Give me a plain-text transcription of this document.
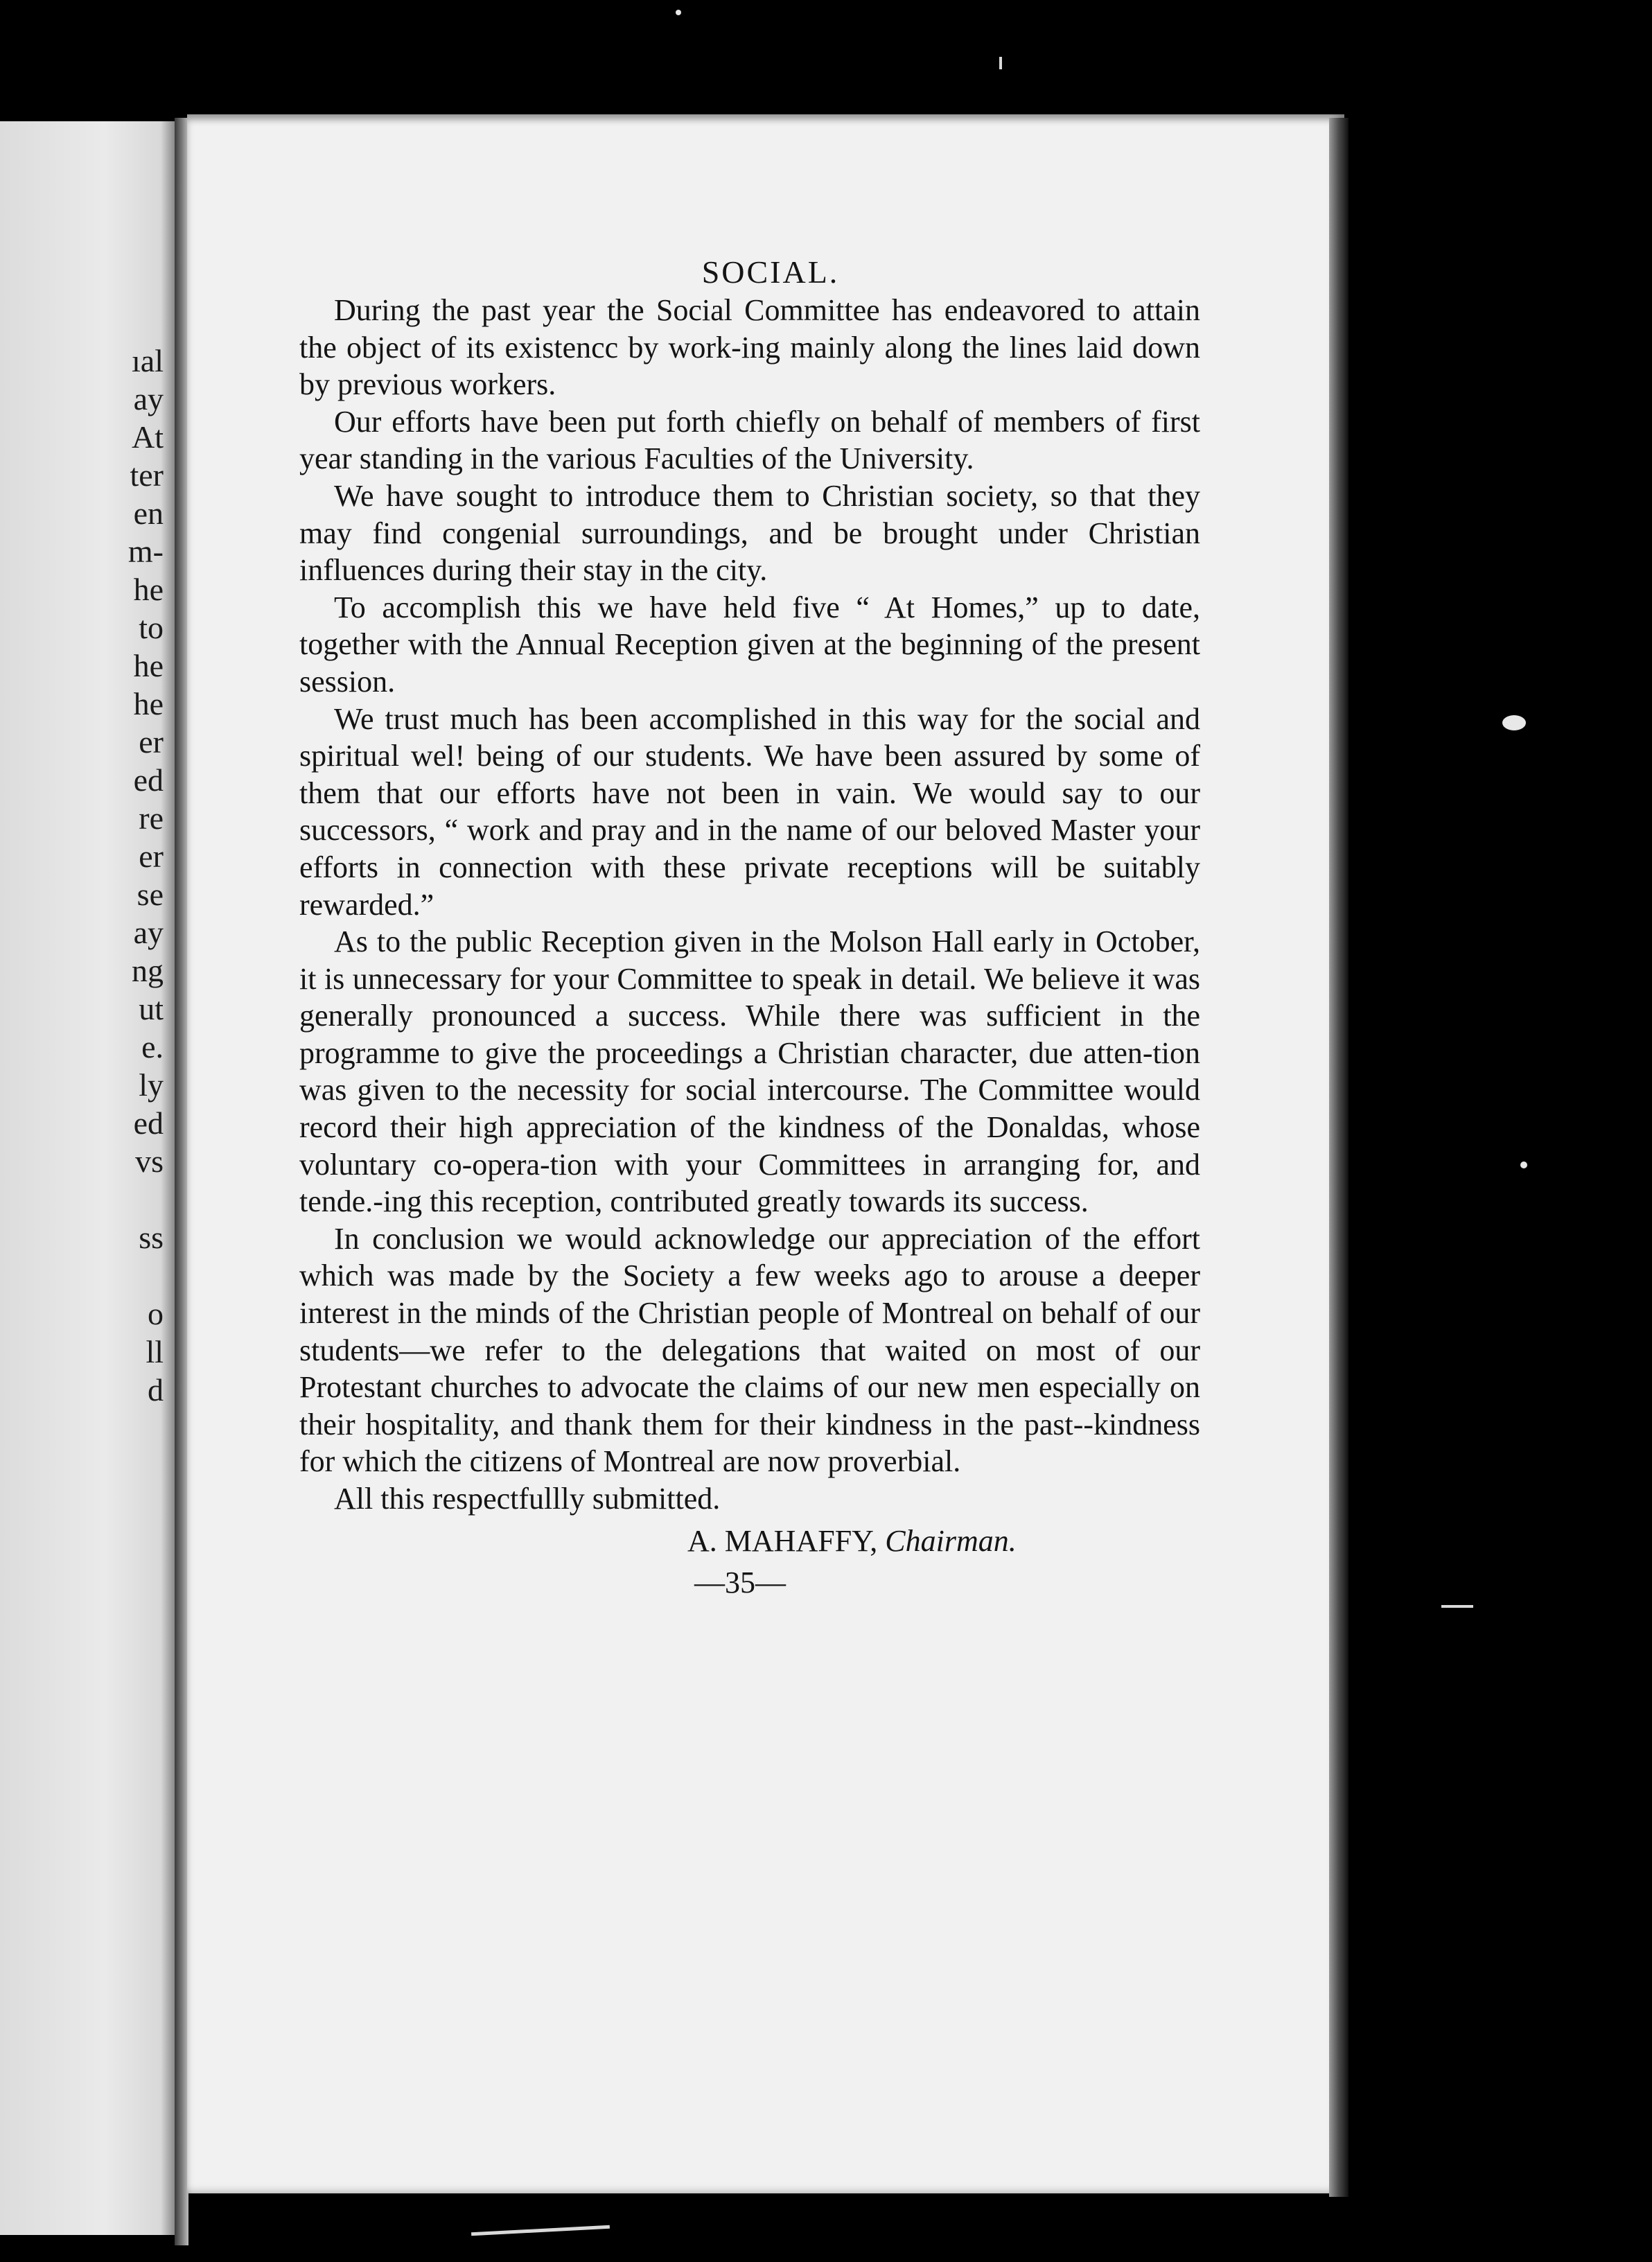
ıal
ay
At
ter
en
m-
he
to
he
he
er
ed
re
er
se
ay
ng
ut
e.
ly
ed
vs

ss

o
ll
d
SOCIAL.

During the past year the Social Committee has endeavored to attain the object of its existencc by work-ing mainly along the lines laid down by previous workers.

Our efforts have been put forth chiefly on behalf of members of first year standing in the various Faculties of the University.

We have sought to introduce them to Christian society, so that they may find congenial surroundings, and be brought under Christian influences during their stay in the city.

To accomplish this we have held five “ At Homes,” up to date, together with the Annual Reception given at the beginning of the present session.

We trust much has been accomplished in this way for the social and spiritual wel! being of our students. We have been assured by some of them that our efforts have not been in vain. We would say to our successors, “ work and pray and in the name of our beloved Master your efforts in connection with these private receptions will be suitably rewarded.”

As to the public Reception given in the Molson Hall early in October, it is unnecessary for your Committee to speak in detail. We believe it was generally pronounced a success. While there was sufficient in the programme to give the proceedings a Christian character, due atten-tion was given to the necessity for social intercourse. The Committee would record their high appreciation of the kindness of the Donaldas, whose voluntary co-opera-tion with your Committees in arranging for, and tende.-ing this reception, contributed greatly towards its success.

In conclusion we would acknowledge our appreciation of the effort which was made by the Society a few weeks ago to arouse a deeper interest in the minds of the Christian people of Montreal on behalf of our students—we refer to the delegations that waited on most of our Protestant churches to advocate the claims of our new men especially on their hospitality, and thank them for their kindness in the past--kindness for which the citizens of Montreal are now proverbial.

All this respectfullly submitted.

A. MAHAFFY, Chairman.
—35—
